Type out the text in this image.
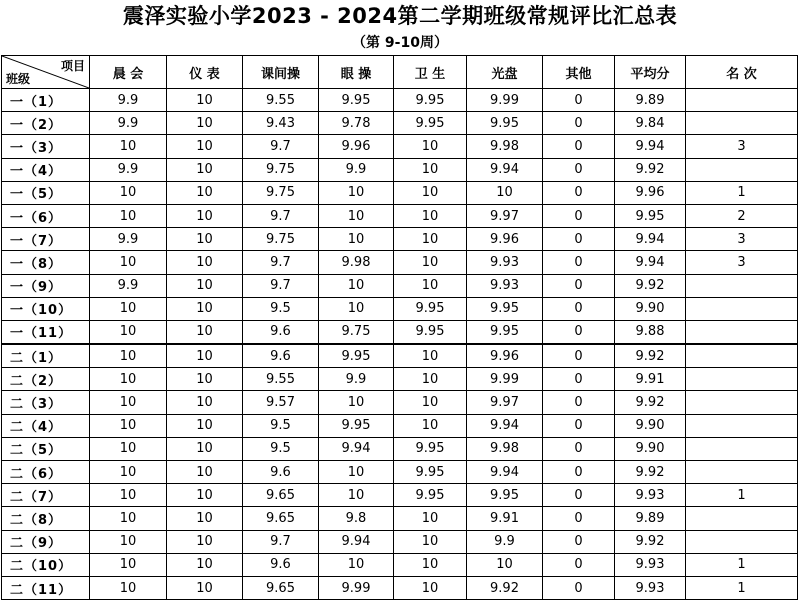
震泽实验小学2023 - 2024第二学期班级常规评比汇总表
（第 9-10周）
项目
班级	晨 会	仪 表	课间操	眼 操	卫 生	光盘	其他	平均分	名 次
一（1）	9.9	10	9.55	9.95	9.95	9.99	0	9.89	
一（2）	9.9	10	9.43	9.78	9.95	9.95	0	9.84	
一（3）	10	10	9.7	9.96	10	9.98	0	9.94	3
一（4）	9.9	10	9.75	9.9	10	9.94	0	9.92	
一（5）	10	10	9.75	10	10	10	0	9.96	1
一（6）	10	10	9.7	10	10	9.97	0	9.95	2
一（7）	9.9	10	9.75	10	10	9.96	0	9.94	3
一（8）	10	10	9.7	9.98	10	9.93	0	9.94	3
一（9）	9.9	10	9.7	10	10	9.93	0	9.92	
一（10）	10	10	9.5	10	9.95	9.95	0	9.90	
一（11）	10	10	9.6	9.75	9.95	9.95	0	9.88	
二（1）	10	10	9.6	9.95	10	9.96	0	9.92	
二（2）	10	10	9.55	9.9	10	9.99	0	9.91	
二（3）	10	10	9.57	10	10	9.97	0	9.92	
二（4）	10	10	9.5	9.95	10	9.94	0	9.90	
二（5）	10	10	9.5	9.94	9.95	9.98	0	9.90	
二（6）	10	10	9.6	10	9.95	9.94	0	9.92	
二（7）	10	10	9.65	10	9.95	9.95	0	9.93	1
二（8）	10	10	9.65	9.8	10	9.91	0	9.89	
二（9）	10	10	9.7	9.94	10	9.9	0	9.92	
二（10）	10	10	9.6	10	10	10	0	9.93	1
二（11）	10	10	9.65	9.99	10	9.92	0	9.93	1
